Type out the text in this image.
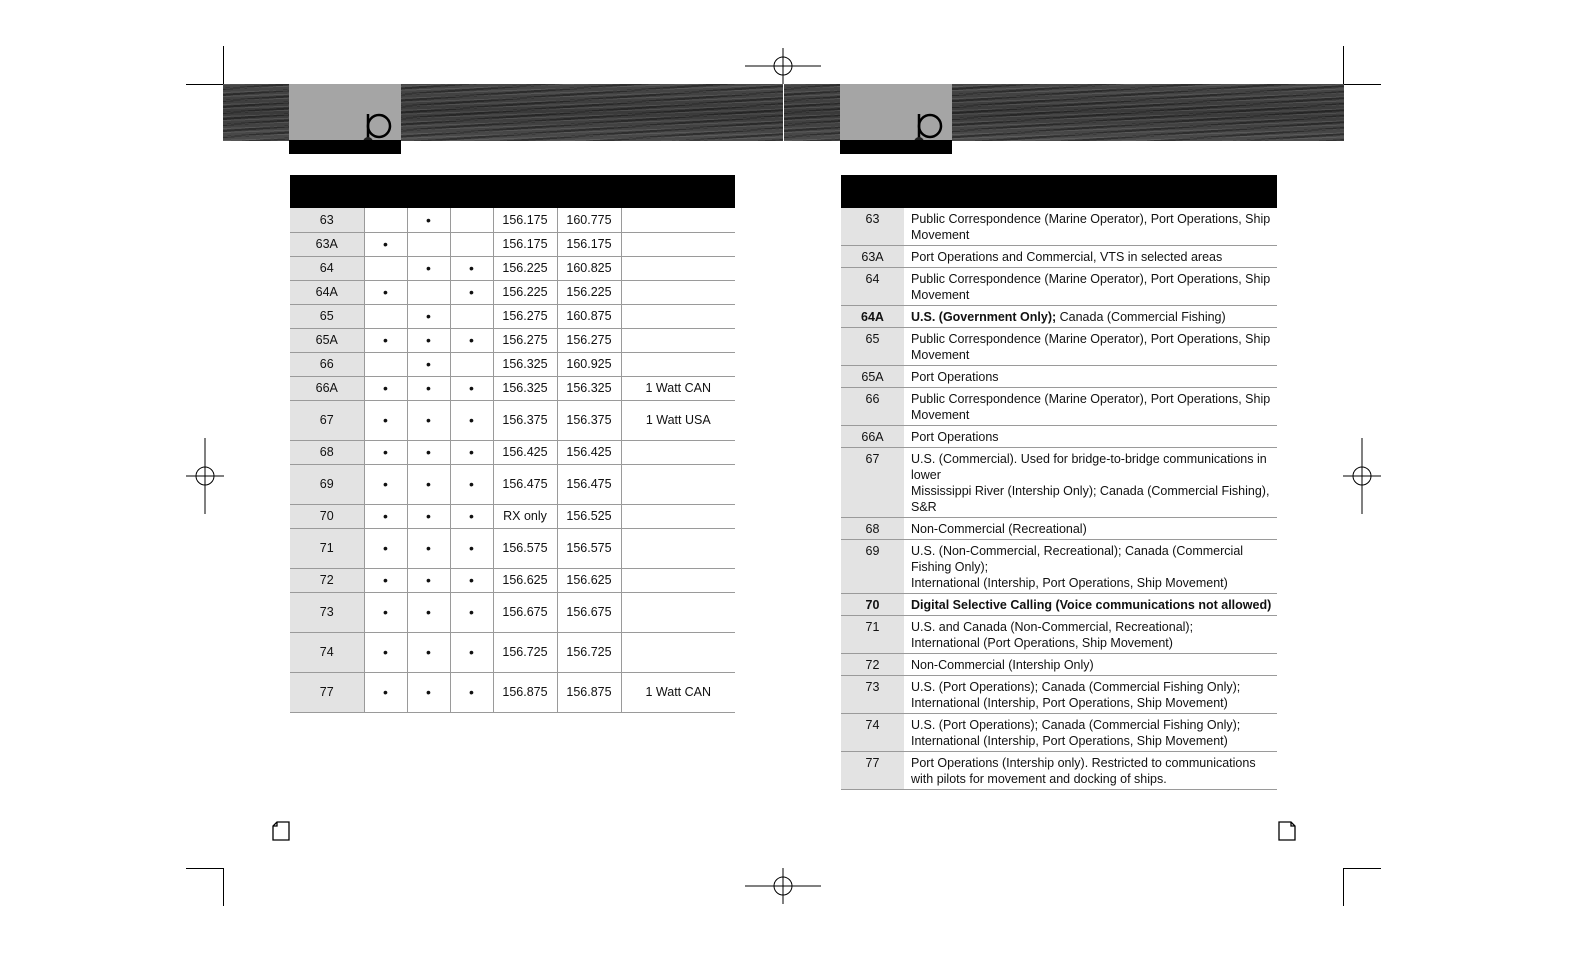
63		•		156.175	160.775	
63A	•			156.175	156.175	
64		•	•	156.225	160.825	
64A	•		•	156.225	156.225	
65		•		156.275	160.875	
65A	•	•	•	156.275	156.275	
66		•		156.325	160.925	
66A	•	•	•	156.325	156.325	1 Watt CAN
67	•	•	•	156.375	156.375	1 Watt USA
68	•	•	•	156.425	156.425	
69	•	•	•	156.475	156.475	
70	•	•	•	RX only	156.525	
71	•	•	•	156.575	156.575	
72	•	•	•	156.625	156.625	
73	•	•	•	156.675	156.675	
74	•	•	•	156.725	156.725	
77	•	•	•	156.875	156.875	1 Watt CAN

63	Public Correspondence (Marine Operator), Port Operations, Ship Movement
63A	Port Operations and Commercial, VTS in selected areas
64	Public Correspondence (Marine Operator), Port Operations, Ship Movement
64A	U.S. (Government Only); Canada (Commercial Fishing)
65	Public Correspondence (Marine Operator), Port Operations, Ship Movement
65A	Port Operations
66	Public Correspondence (Marine Operator), Port Operations, Ship Movement
66A	Port Operations
67	U.S. (Commercial). Used for bridge-to-bridge communications in lower
Mississippi River (Intership Only); Canada (Commercial Fishing), S&R

68	Non-Commercial (Recreational)
69	U.S. (Non-Commercial, Recreational); Canada (Commercial Fishing Only);
International (Intership, Port Operations, Ship Movement)

70	Digital Selective Calling (Voice communications not allowed)
71	U.S. and Canada (Non-Commercial, Recreational);
International (Port Operations, Ship Movement)

72	Non-Commercial (Intership Only)
73	U.S. (Port Operations); Canada (Commercial Fishing Only);
International (Intership, Port Operations, Ship Movement)

74	U.S. (Port Operations); Canada (Commercial Fishing Only);
International (Intership, Port Operations, Ship Movement)

77	Port Operations (Intership only). Restricted to communications
with pilots for movement and docking of ships.
